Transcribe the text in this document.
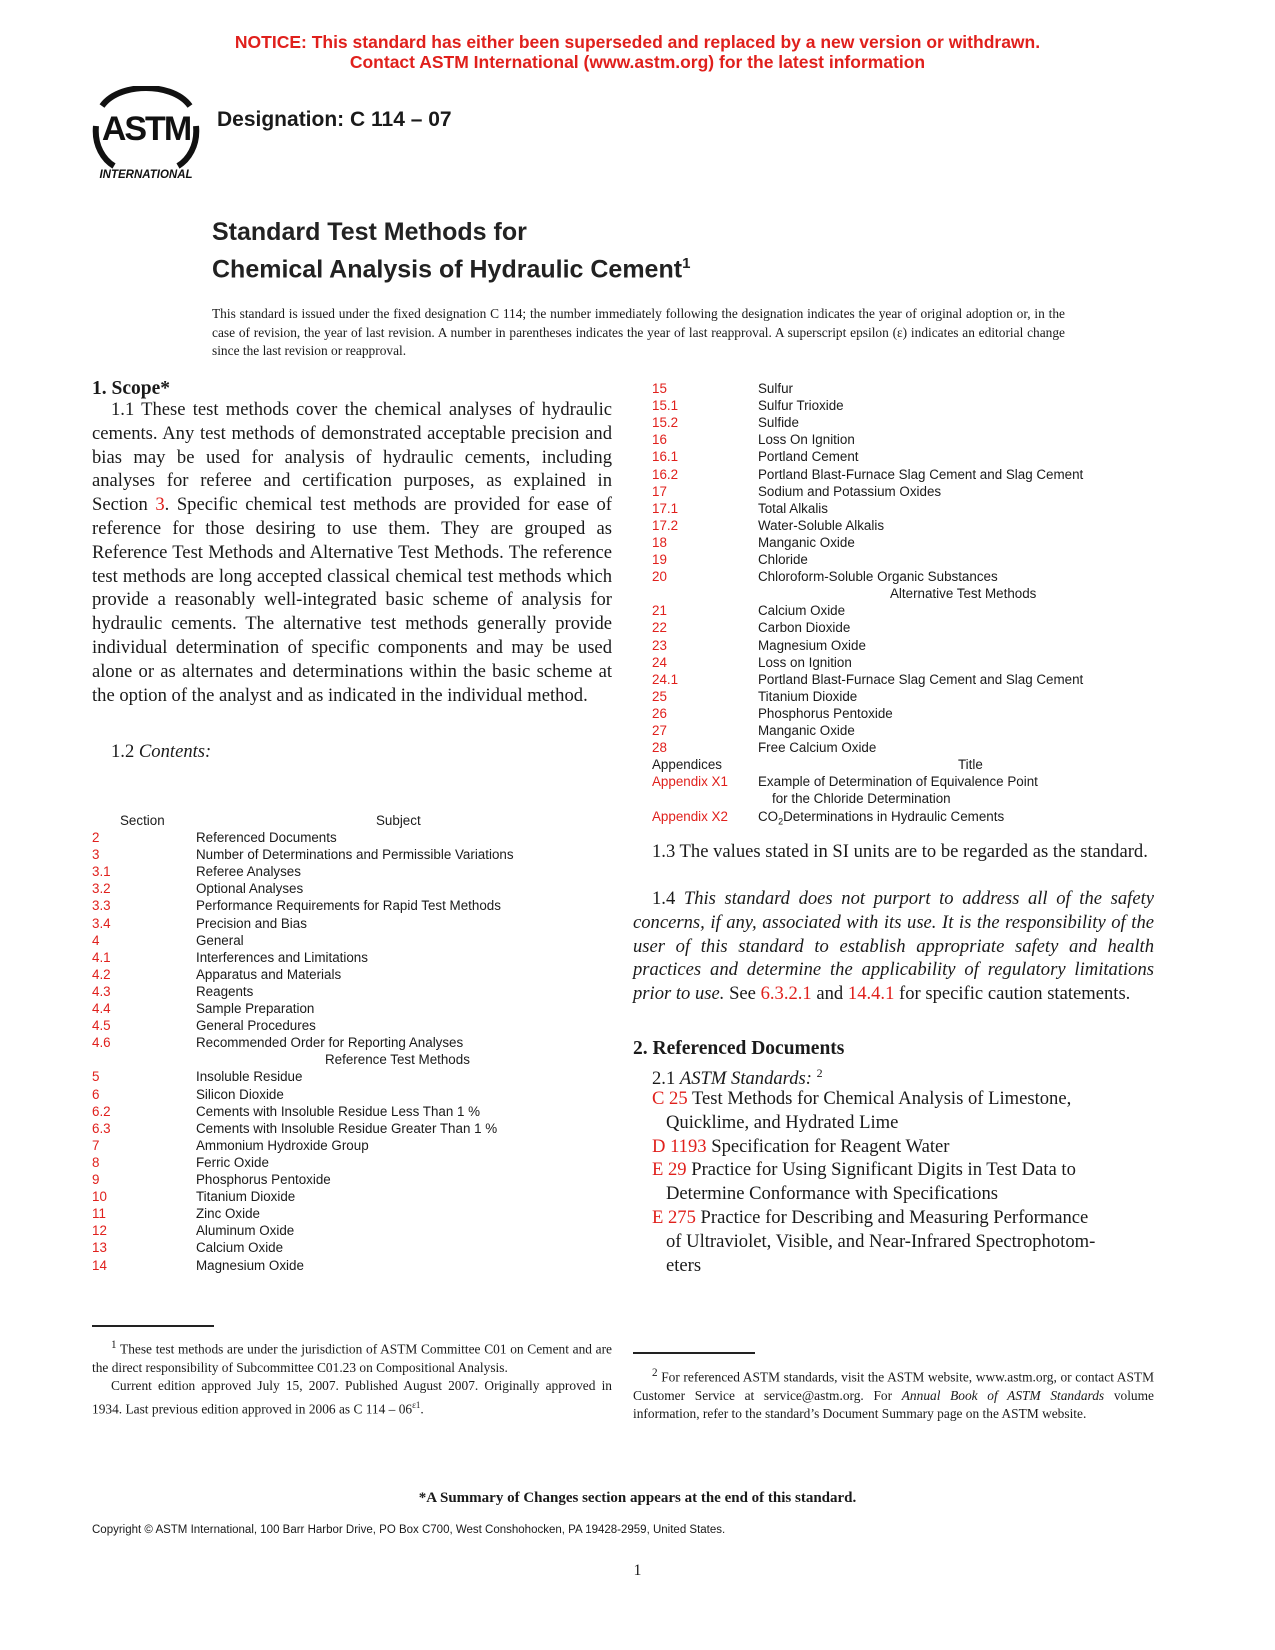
NOTICE: This standard has either been superseded and replaced by a new version or withdrawn.
Contact ASTM International (www.astm.org) for the latest information
ASTM
INTERNATIONAL
Designation: C 114 – 07
Standard Test Methods for
Chemical Analysis of Hydraulic Cement$^1$
This standard is issued under the fixed designation C 114; the number immediately following the designation indicates the year of original adoption or, in the case of revision, the year of last revision. A number in parentheses indicates the year of last reapproval. A superscript epsilon (ε) indicates an editorial change since the last revision or reapproval.
1. Scope*
1.1 These test methods cover the chemical analyses of hydraulic cements. Any test methods of demonstrated acceptable precision and bias may be used for analysis of hydraulic cements, including analyses for referee and certification purposes, as explained in Section 3. Specific chemical test methods are provided for ease of reference for those desiring to use them. They are grouped as Reference Test Methods and Alternative Test Methods. The reference test methods are long accepted classical chemical test methods which provide a reasonably well-integrated basic scheme of analysis for hydraulic cements. The alternative test methods generally provide individual determination of specific components and may be used alone or as alternates and determinations within the basic scheme at the option of the analyst and as indicated in the individual method.
1.2 Contents:
Section	Subject
2	Referenced Documents
3	Number of Determinations and Permissible Variations
3.1	Referee Analyses
3.2	Optional Analyses
3.3	Performance Requirements for Rapid Test Methods
3.4	Precision and Bias
4	General
4.1	Interferences and Limitations
4.2	Apparatus and Materials
4.3	Reagents
4.4	Sample Preparation
4.5	General Procedures
4.6	Recommended Order for Reporting Analyses
Reference Test Methods
5	Insoluble Residue
6	Silicon Dioxide
6.2	Cements with Insoluble Residue Less Than 1 %
6.3	Cements with Insoluble Residue Greater Than 1 %
7	Ammonium Hydroxide Group
8	Ferric Oxide
9	Phosphorus Pentoxide
10	Titanium Dioxide
11	Zinc Oxide
12	Aluminum Oxide
13	Calcium Oxide
14	Magnesium Oxide
$^1$ These test methods are under the jurisdiction of ASTM Committee C01 on Cement and are the direct responsibility of Subcommittee C01.23 on Compositional Analysis.
Current edition approved July 15, 2007. Published August 2007. Originally approved in 1934. Last previous edition approved in 2006 as C $114 - 06^{\varepsilon 1}$.
15	Sulfur
15.1	Sulfur Trioxide
15.2	Sulfide
16	Loss On Ignition
16.1	Portland Cement
16.2	Portland Blast-Furnace Slag Cement and Slag Cement
17	Sodium and Potassium Oxides
17.1	Total Alkalis
17.2	Water-Soluble Alkalis
18	Manganic Oxide
19	Chloride
20	Chloroform-Soluble Organic Substances
Alternative Test Methods
21	Calcium Oxide
22	Carbon Dioxide
23	Magnesium Oxide
24	Loss on Ignition
24.1	Portland Blast-Furnace Slag Cement and Slag Cement
25	Titanium Dioxide
26	Phosphorus Pentoxide
27	Manganic Oxide
28	Free Calcium Oxide
Appendices	Title
Appendix X1 Example of Determination of Equivalence Point
for the Chloride Determination
Appendix X2 $CO_2Determinations$ in Hydraulic Cements
1.3 The values stated in SI units are to be regarded as the standard.
1.4 This standard does not purport to address all of the safety concerns, if any, associated with its use. It is the responsibility of the user of this standard to establish appropriate safety and health practices and determine the applicability of regulatory limitations prior to use. See 6.3.2.1 and 14.4.1 for specific caution statements.
2. Referenced Documents
2.1 ASTM Standards: $^2$
C 25 Test Methods for Chemical Analysis of Limestone,
Quicklime, and Hydrated Lime
D 1193 Specification for Reagent Water
E 29 Practice for Using Significant Digits in Test Data to
Determine Conformance with Specifications
E 275 Practice for Describing and Measuring Performance
of Ultraviolet, Visible, and Near-Infrared Spectrophotom-
eters
$^2$ For referenced ASTM standards, visit the ASTM website, www.astm.org, or contact ASTM Customer Service at service@astm.org. For Annual Book of ASTM Standards volume information, refer to the standard’s Document Summary page on the ASTM website.
*A Summary of Changes section appears at the end of this standard.
Copyright © ASTM International, 100 Barr Harbor Drive, PO Box C700, West Conshohocken, PA 19428-2959, United States.
1
